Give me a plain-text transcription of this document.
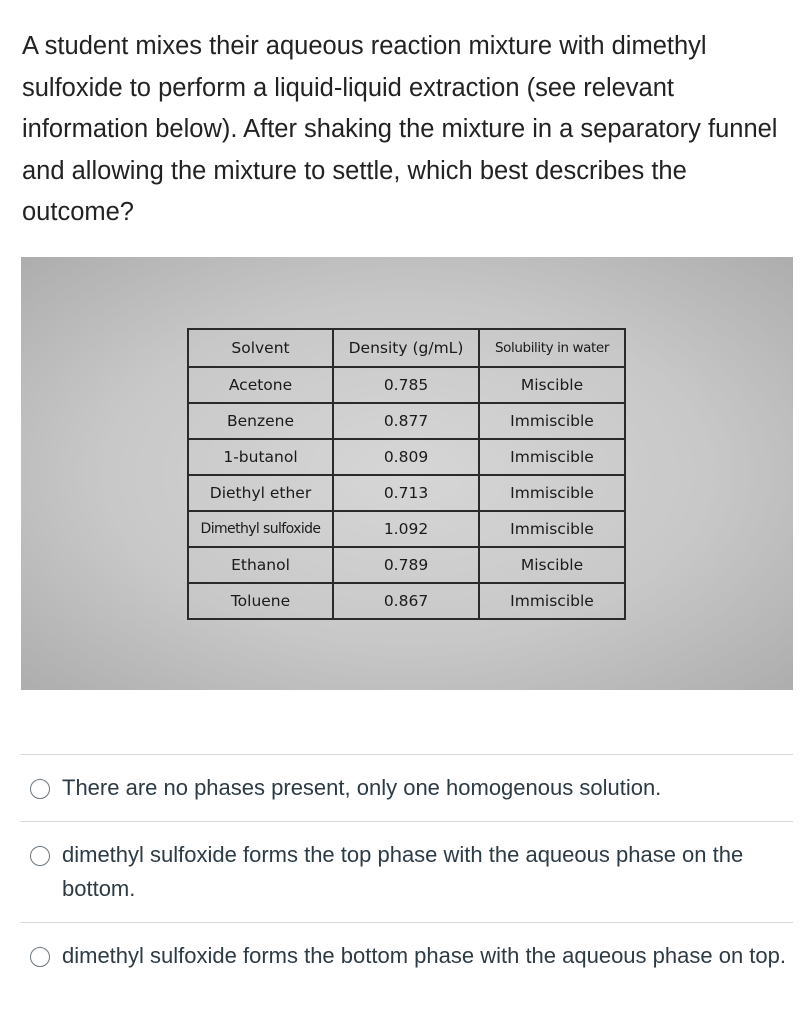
A student mixes their aqueous reaction mixture with dimethyl sulfoxide to perform a liquid-liquid extraction (see relevant information below). After shaking the mixture in a separatory funnel and allowing the mixture to settle, which best describes the outcome?

Solvent	Density (g/mL)	Solubility in water
Acetone	0.785	Miscible
Benzene	0.877	Immiscible
1-butanol	0.809	Immiscible
Diethyl ether	0.713	Immiscible
Dimethyl sulfoxide	1.092	Immiscible
Ethanol	0.789	Miscible
Toluene	0.867	Immiscible
There are no phases present, only one homogenous solution.
dimethyl sulfoxide forms the top phase with the aqueous phase on the bottom.
dimethyl sulfoxide forms the bottom phase with the aqueous phase on top.
